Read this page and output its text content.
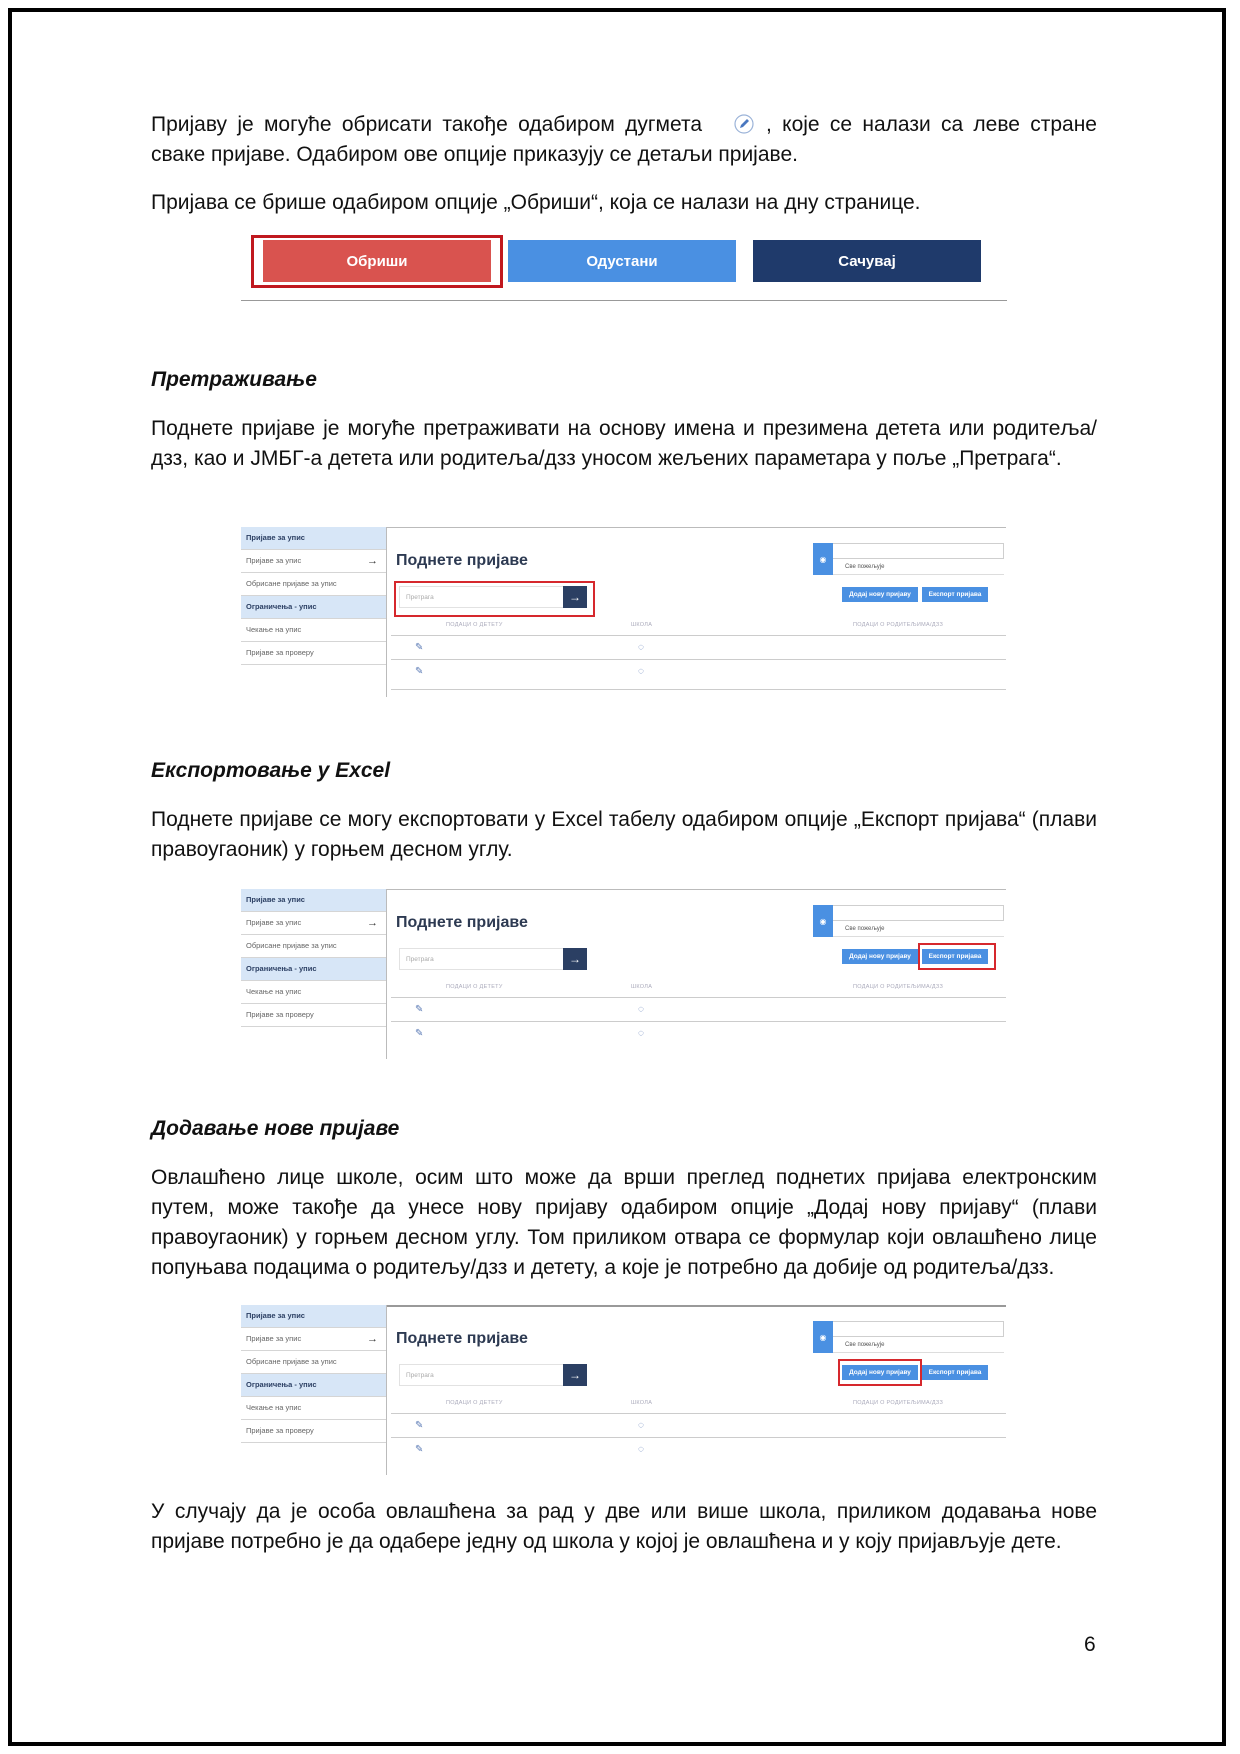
Пријаву је могуће обрисати такође одабиром дугмета	, које се налази са леве стране сваке пријаве. Одабиром ове опције приказују се детаљи пријаве.

Пријава се брише одабиром опције „Обриши“, која се налази на дну странице.

Обриши	Одустани	Сачувај

Претраживање

Поднете пријаве је могуће претраживати на основу имена и презимена детета или родитеља/дзз, као и ЈМБГ-а детета или родитеља/дзз уносом жељених параметара у поље „Претрага“.

Пријаве за упис
Пријаве за упис	→
Обрисане пријаве за упис
Ограничења - упис
Чекање на упис
Пријаве за проверу
Поднете пријаве
Претрага	→
◉
Све пожељује
Додај нову пријаву	Експорт пријава
ПОДАЦИ О ДЕТЕТУ	ШКОЛА	ПОДАЦИ О РОДИТЕЉИМА/ДЗЗ
✎	◌
✎	◌

Експортовање у Excel

Поднете пријаве се могу експортовати у Excel табелу одабиром опције „Експорт пријава“ (плави правоугаоник) у горњем десном углу.

Пријаве за упис
Пријаве за упис	→
Обрисане пријаве за упис
Ограничења - упис
Чекање на упис
Пријаве за проверу
Поднете пријаве
Претрага	→
◉
Све пожељује
Додај нову пријаву	Експорт пријава
ПОДАЦИ О ДЕТЕТУ	ШКОЛА	ПОДАЦИ О РОДИТЕЉИМА/ДЗЗ
✎	◌
✎	◌

Додавање нове пријаве

Овлашћено лице школе, осим што може да врши преглед поднетих пријава електронским путем, може такође да унесе нову пријаву одабиром опције „Додај нову пријаву“ (плави правоугаоник) у горњем десном углу. Том приликом отвара се формулар који овлашћено лице попуњава подацима о родитељу/дзз и детету, а које је потребно да добије од родитеља/дзз.

Пријаве за упис
Пријаве за упис	→
Обрисане пријаве за упис
Ограничења - упис
Чекање на упис
Пријаве за проверу
Поднете пријаве
Претрага	→
◉
Све пожељује
Додај нову пријаву	Експорт пријава
ПОДАЦИ О ДЕТЕТУ	ШКОЛА	ПОДАЦИ О РОДИТЕЉИМА/ДЗЗ
✎	◌
✎	◌

У случају да је особа овлашћена за рад у две или више школа, приликом додавања нове пријаве потребно је да одабере једну од школа у којој је овлашћена и у коју пријављује дете.

6
